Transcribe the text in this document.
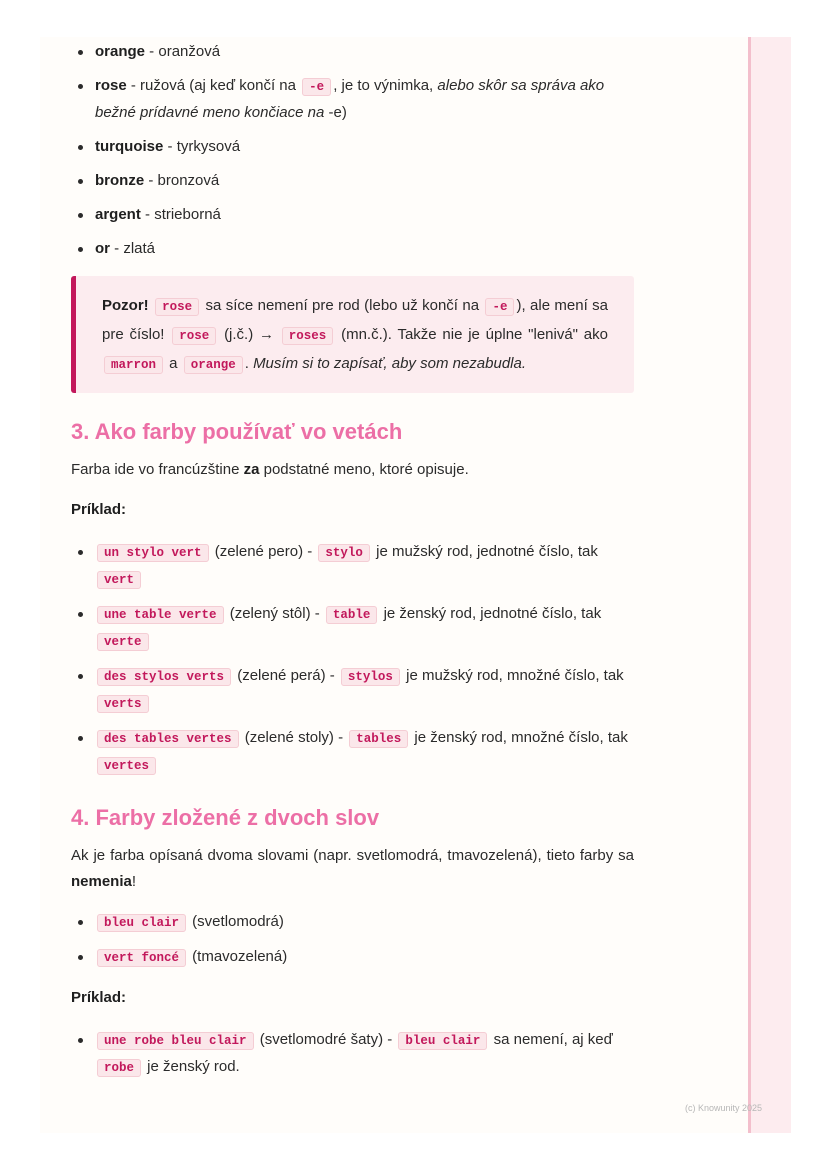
orange - oranžová
rose - ružová (aj keď končí na -e , je to výnimka, alebo skôr sa správa ako bežné prídavné meno končiace na -e)
turquoise - tyrkysová
bronze - bronzová
argent - strieborná
or - zlatá
Pozor! rose sa síce nemení pre rod (lebo už končí na -e ), ale mení sa pre číslo! rose (j.č.) → roses (mn.č.). Takže nie je úplne "lenivá" ako marron a orange . Musím si to zapísať, aby som nezabudla.
3. Ako farby používať vo vetách

Farba ide vo francúzštine za podstatné meno, ktoré opisuje.

Príklad:

un stylo vert (zelené pero) - stylo je mužský rod, jednotné číslo, tak vert
une table verte (zelený stôl) - table je ženský rod, jednotné číslo, tak verte
des stylos verts (zelené perá) - stylos je mužský rod, množné číslo, tak verts
des tables vertes (zelené stoly) - tables je ženský rod, množné číslo, tak vertes
4. Farby zložené z dvoch slov

Ak je farba opísaná dvoma slovami (napr. svetlomodrá, tmavozelená), tieto farby sa nemenia!

bleu clair (svetlomodrá)
vert foncé (tmavozelená)

Príklad:

une robe bleu clair (svetlomodré šaty) - bleu clair sa nemení, aj keď robe je ženský rod.
(c) Knowunity 2025
